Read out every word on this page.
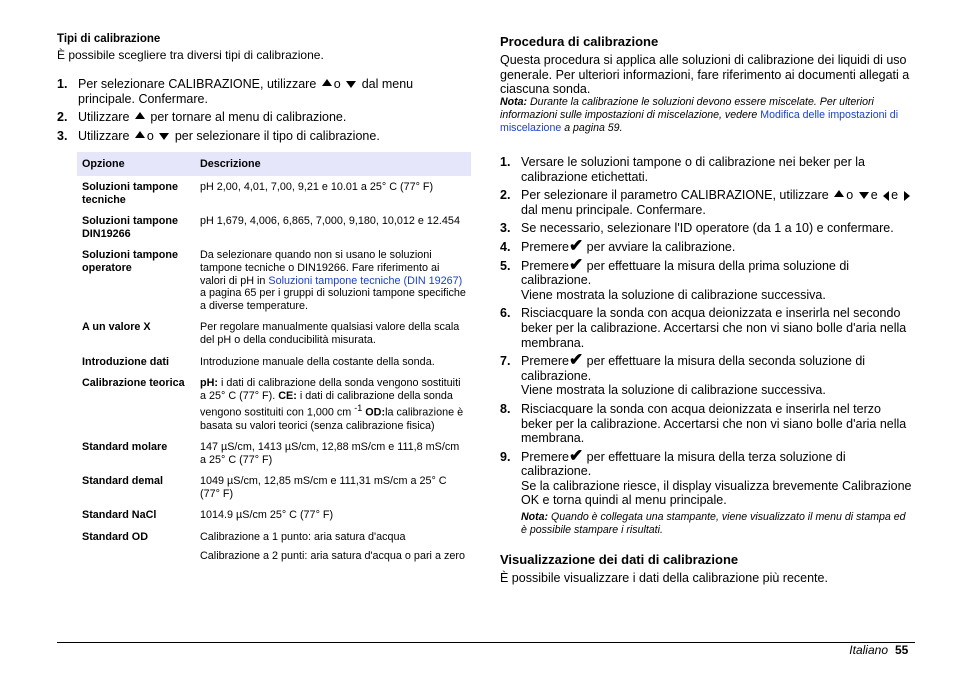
Tipi di calibrazione

È possibile scegliere tra diversi tipi di calibrazione.

1. Per selezionare CALIBRAZIONE, utilizzare o dal menu principale. Confermare.
2. Utilizzare per tornare al menu di calibrazione.
3. Utilizzare o per selezionare il tipo di calibrazione.
Opzione	Descrizione
Soluzioni tampone tecniche	pH 2,00, 4,01, 7,00, 9,21 e 10.01 a 25° C (77° F)
Soluzioni tampone DIN19266	pH 1,679, 4,006, 6,865, 7,000, 9,180, 10,012 e 12.454
Soluzioni tampone operatore	Da selezionare quando non si usano le soluzioni tampone tecniche o DIN19266. Fare riferimento ai valori di pH in Soluzioni tampone tecniche (DIN 19267) a pagina 65 per i gruppi di soluzioni tampone specifiche a diverse temperature.
A un valore X	Per regolare manualmente qualsiasi valore della scala del pH o della conducibilità misurata.
Introduzione dati	Introduzione manuale della costante della sonda.
Calibrazione teorica	pH: i dati di calibrazione della sonda vengono sostituiti a 25° C (77° F). CE: i dati di calibrazione della sonda vengono sostituiti con 1,000 cm $^{-1}$ OD:la calibrazione è basata su valori teorici (senza calibrazione fisica)
Standard molare	147 µS/cm, 1413 µS/cm, 12,88 mS/cm e 111,8 mS/cm a 25° C (77° F)
Standard demal	1049 µS/cm, 12,85 mS/cm e 111,31 mS/cm a 25° C (77° F)
Standard NaCl	1014.9 µS/cm 25° C (77° F)
Standard OD	Calibrazione a 1 punto: aria satura d'acqua

Calibrazione a 2 punti: aria satura d'acqua o pari a zero

Procedura di calibrazione

Questa procedura si applica alle soluzioni di calibrazione dei liquidi di uso generale. Per ulteriori informazioni, fare riferimento ai documenti allegati a ciascuna sonda.

Nota: Durante la calibrazione le soluzioni devono essere miscelate. Per ulteriori informazioni sulle impostazioni di miscelazione, vedere Modifica delle impostazioni di miscelazione a pagina 59.

1. Versare le soluzioni tampone o di calibrazione nei beker per la calibrazione etichettati.
2. Per selezionare il parametro CALIBRAZIONE, utilizzare o e e  dal menu principale. Confermare.
3. Se necessario, selezionare l'ID operatore (da 1 a 10) e confermare.
4. Premere✔ per avviare la calibrazione.
5. Premere✔ per effettuare la misura della prima soluzione di calibrazione.
Viene mostrata la soluzione di calibrazione successiva.
6. Risciacquare la sonda con acqua deionizzata e inserirla nel secondo beker per la calibrazione. Accertarsi che non vi siano bolle d'aria nella membrana.
7. Premere✔ per effettuare la misura della seconda soluzione di calibrazione.
Viene mostrata la soluzione di calibrazione successiva.
8. Risciacquare la sonda con acqua deionizzata e inserirla nel terzo beker per la calibrazione. Accertarsi che non vi siano bolle d'aria nella membrana.
9. Premere✔ per effettuare la misura della terza soluzione di calibrazione.
Se la calibrazione riesce, il display visualizza brevemente Calibrazione OK e torna quindi al menu principale.

Nota: Quando è collegata una stampante, viene visualizzato il menu di stampa ed è possibile stampare i risultati.

Visualizzazione dei dati di calibrazione

È possibile visualizzare i dati della calibrazione più recente.

Italiano 55
